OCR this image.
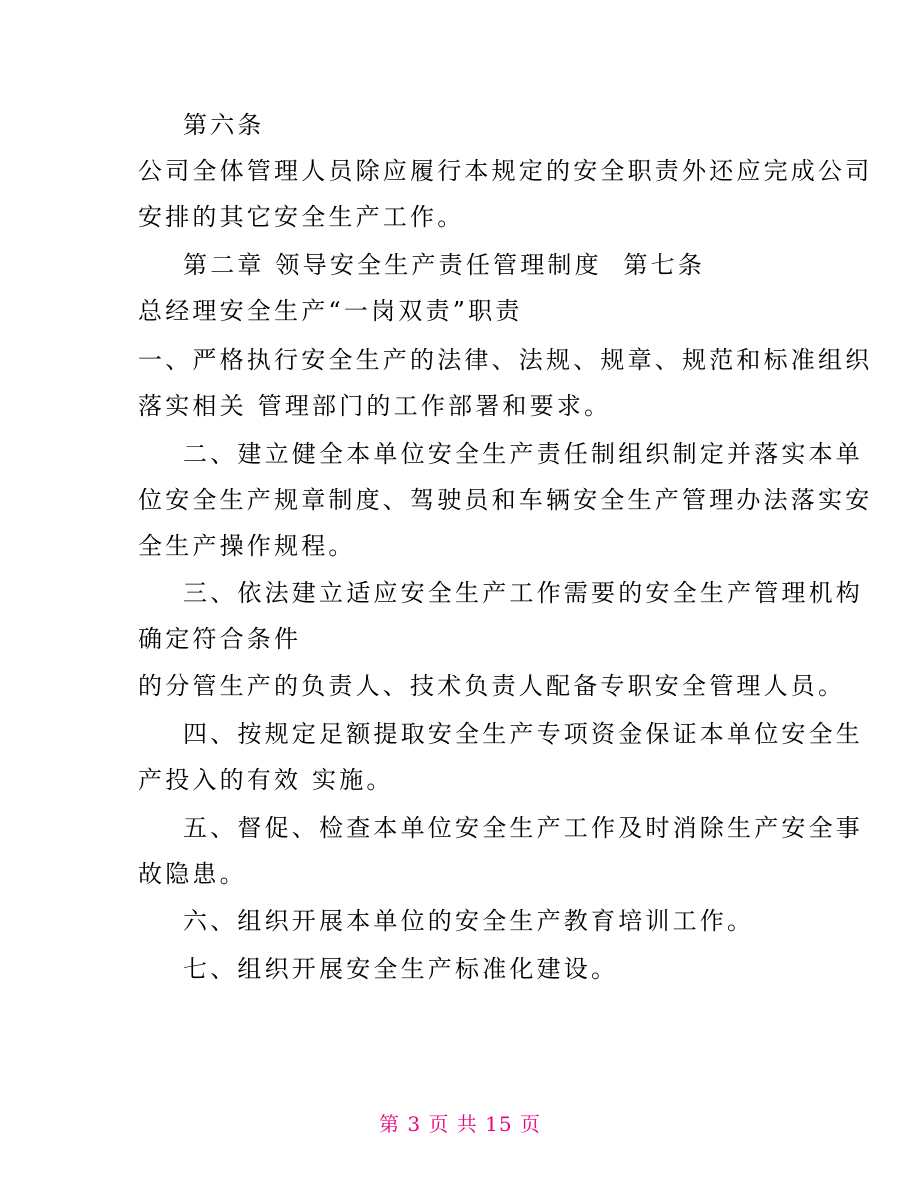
第六条
公司全体管理人员除应履行本规定的安全职责外还应完成公司
安排的其它安全生产工作。
第二章 领导安全生产责任管理制度  第七条
总经理安全生产“一岗双责”职责
一、严格执行安全生产的法律、法规、规章、规范和标准组织
落实相关 管理部门的工作部署和要求。
二、建立健全本单位安全生产责任制组织制定并落实本单
位安全生产规章制度、驾驶员和车辆安全生产管理办法落实安
全生产操作规程。
三、依法建立适应安全生产工作需要的安全生产管理机构
确定符合条件
的分管生产的负责人、技术负责人配备专职安全管理人员。
四、按规定足额提取安全生产专项资金保证本单位安全生
产投入的有效 实施。
五、督促、检查本单位安全生产工作及时消除生产安全事
故隐患。
六、组织开展本单位的安全生产教育培训工作。
七、组织开展安全生产标准化建设。
第 3 页 共 15 页
